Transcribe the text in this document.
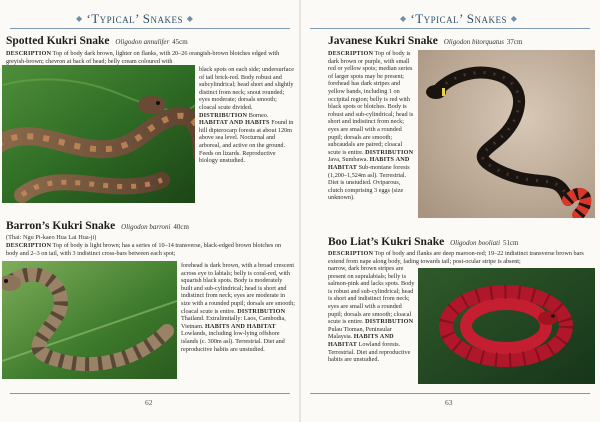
◆ ‘Typical’ Snakes ◆
Spotted Kukri Snake Oligodon annulifer 45cm
DESCRIPTION Top of body dark brown, lighter on flanks, with 20–26 orangish-brown blotches edged with greyish-brown; chevron at back of head; belly cream coloured with
black spots on each side; undersurface of tail brick-red. Body robust and subcylindrical; head short and slightly distinct from neck; snout rounded; eyes moderate; dorsals smooth; cloacal scute divided. DISTRIBUTION Borneo. HABITAT AND HABITS Found in hill dipterocarp forests at about 120m above sea level. Nocturnal and arboreal, and active on the ground. Feeds on lizards. Reproductive biology unstudied.
Barron’s Kukri Snake Oligodon barroni 40cm
(Thai: Ngu Pi-kaeo Hua Lai Hua-ji)
DESCRIPTION Top of body is light brown; has a series of 10–14 transverse, black-edged brown blotches on body and 2–3 on tail, with 3 indistinct cross-bars between each spot;
forehead is dark brown, with a broad crescent across eye to labials; belly is coral-red, with squarish black spots. Body is moderately built and sub-cylindrical; head is short and indistinct from neck; eyes are moderate in size with a rounded pupil; dorsals are smooth; cloacal scute is entire. DISTRIBUTION Thailand. Extralimitally: Laos, Cambodia, Vietnam. HABITS AND HABITAT Lowlands, including low-lying offshore islands (c. 300m asl). Terrestrial. Diet and reproductive habits are unstudied.
62
◆ ‘Typical’ Snakes ◆
Javanese Kukri Snake Oligodon bitorquatus 37cm
DESCRIPTION Top of body is dark brown or purple, with small red or yellow spots; median series of larger spots may be present; forehead has dark stripes and yellow bands, including 1 on occipital region; belly is red with black spots or blotches. Body is robust and sub-cylindrical; head is short and indistinct from neck; eyes are small with a rounded pupil; dorsals are smooth; subcaudals are paired; cloacal scute is entire. DISTRIBUTION Java, Sumbawa. HABITS AND HABITAT Sub-montane forests (1,200–1,524m asl). Terrestrial. Diet is unstudied. Oviparous, clutch comprising 3 eggs (size unknown).
Boo Liat’s Kukri Snake Oligodon booliati 51cm
DESCRIPTION Top of body and flanks are deep maroon-red; 19–22 indistinct transverse brown bars extend from nape along body, fading towards tail; post-ocular stripe is absent;
narrow, dark brown stripes are present on supralabials; belly is salmon-pink and lacks spots. Body is robust and sub-cylindrical; head is short and indistinct from neck; eyes are small with a rounded pupil; dorsals are smooth; cloacal scute is entire. DISTRIBUTION Pulau Tioman, Peninsular Malaysia. HABITS AND HABITAT Lowland forests. Terrestrial. Diet and reproductive habits are unstudied.
63
